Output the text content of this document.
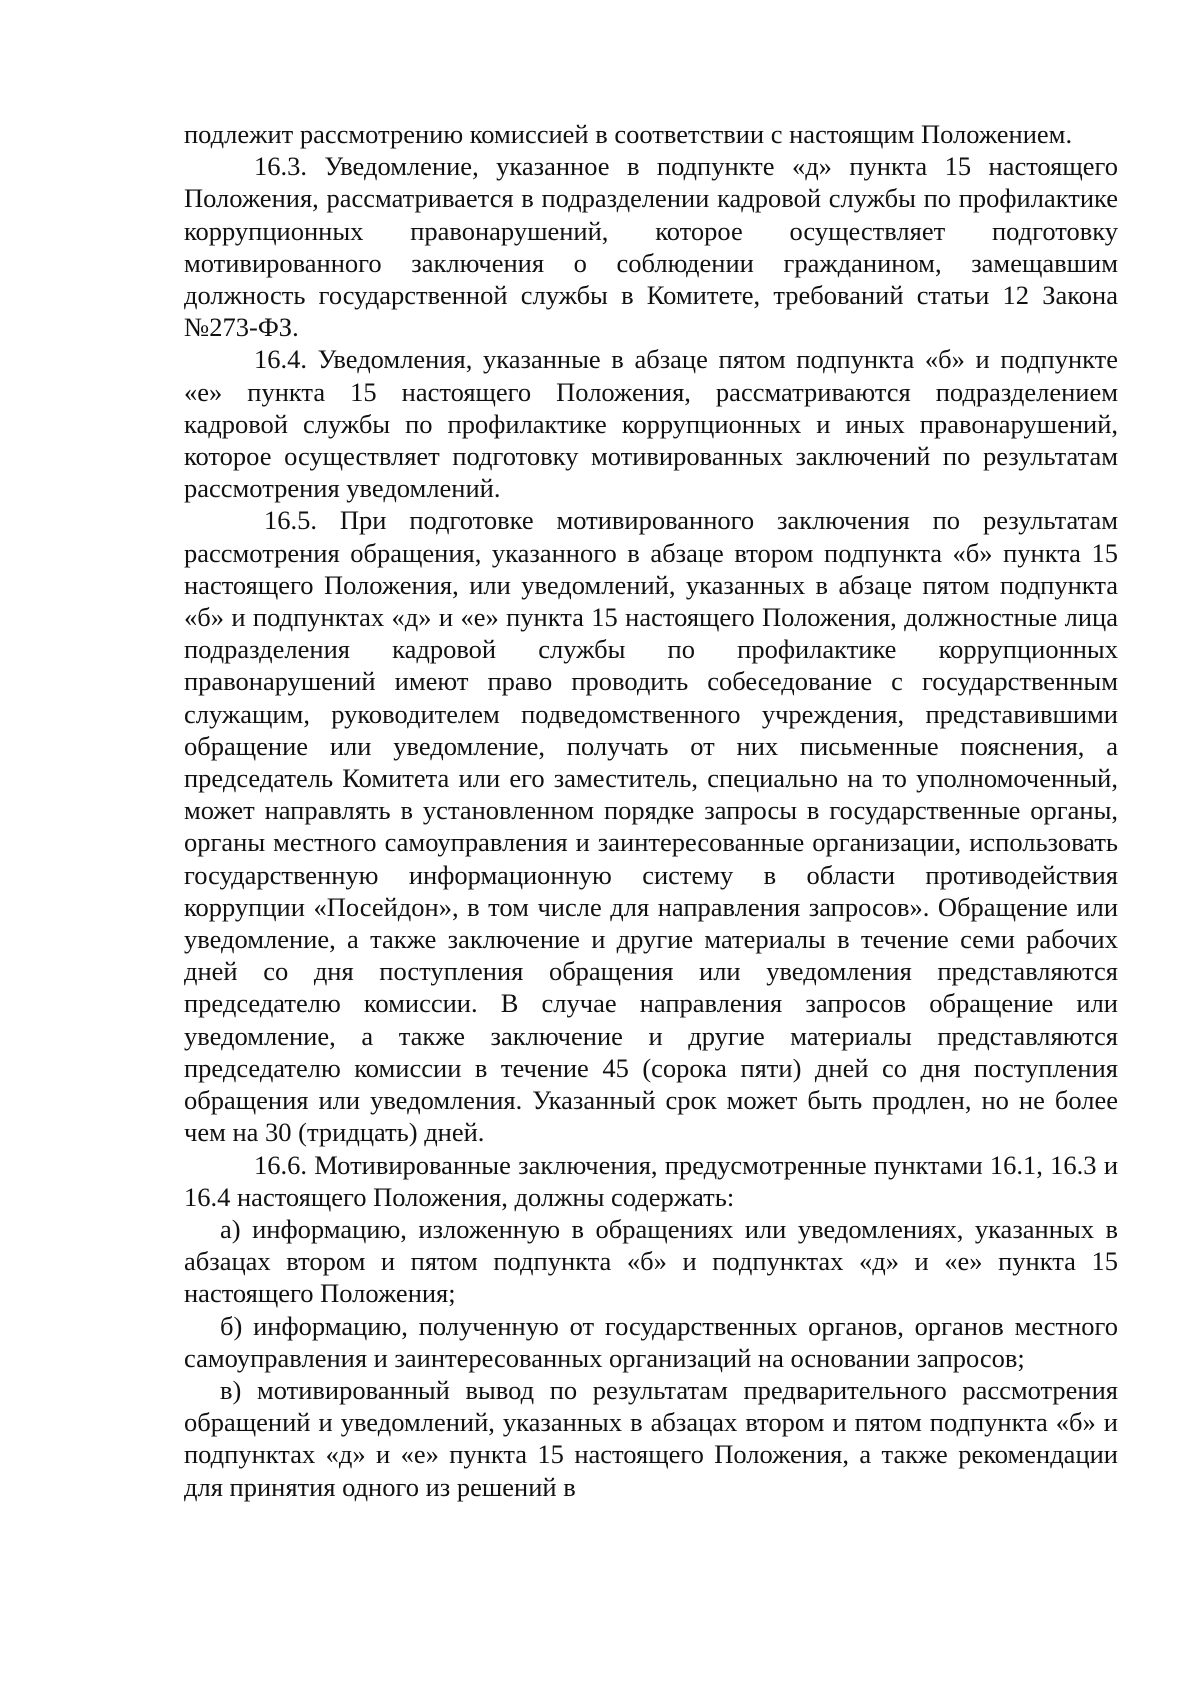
подлежит рассмотрению комиссией в соответствии с настоящим Положением.

16.3. Уведомление, указанное в подпункте «д» пункта 15 настоящего Положения, рассматривается в подразделении кадровой службы по профилактике коррупционных правонарушений, которое осуществляет подготовку мотивированного заключения о соблюдении гражданином, замещавшим должность государственной службы в Комитете, требований статьи 12 Закона №273-ФЗ.

16.4. Уведомления, указанные в абзаце пятом подпункта «б» и подпункте «е» пункта 15 настоящего Положения, рассматриваются подразделением кадровой службы по профилактике коррупционных и иных правонарушений, которое осуществляет подготовку мотивированных заключений по результатам рассмотрения уведомлений.

16.5. При подготовке мотивированного заключения по результатам рассмотрения обращения, указанного в абзаце втором подпункта «б» пункта 15 настоящего Положения, или уведомлений, указанных в абзаце пятом подпункта «б» и подпунктах «д» и «е» пункта 15 настоящего Положения, должностные лица подразделения кадровой службы по профилактике коррупционных правонарушений имеют право проводить собеседование с государственным служащим, руководителем подведомственного учреждения, представившими обращение или уведомление, получать от них письменные пояснения, а председатель Комитета или его заместитель, специально на то уполномоченный, может направлять в установленном порядке запросы в государственные органы, органы местного самоуправления и заинтересованные организации, использовать государственную информационную систему в области противодействия коррупции «Посейдон», в том числе для направления запросов». Обращение или уведомление, а также заключение и другие материалы в течение семи рабочих дней со дня поступления обращения или уведомления представляются председателю комиссии. В случае направления запросов обращение или уведомление, а также заключение и другие материалы представляются председателю комиссии в течение 45 (сорока пяти) дней со дня поступления обращения или уведомления. Указанный срок может быть продлен, но не более чем на 30 (тридцать) дней.

16.6. Мотивированные заключения, предусмотренные пунктами 16.1, 16.3 и 16.4 настоящего Положения, должны содержать:

а) информацию, изложенную в обращениях или уведомлениях, указанных в абзацах втором и пятом подпункта «б» и подпунктах «д» и «е» пункта 15 настоящего Положения;

б) информацию, полученную от государственных органов, органов местного самоуправления и заинтересованных организаций на основании запросов;

в) мотивированный вывод по результатам предварительного рассмотрения обращений и уведомлений, указанных в абзацах втором и пятом подпункта «б» и подпунктах «д» и «е» пункта 15 настоящего Положения, а также рекомендации для принятия одного из решений в
